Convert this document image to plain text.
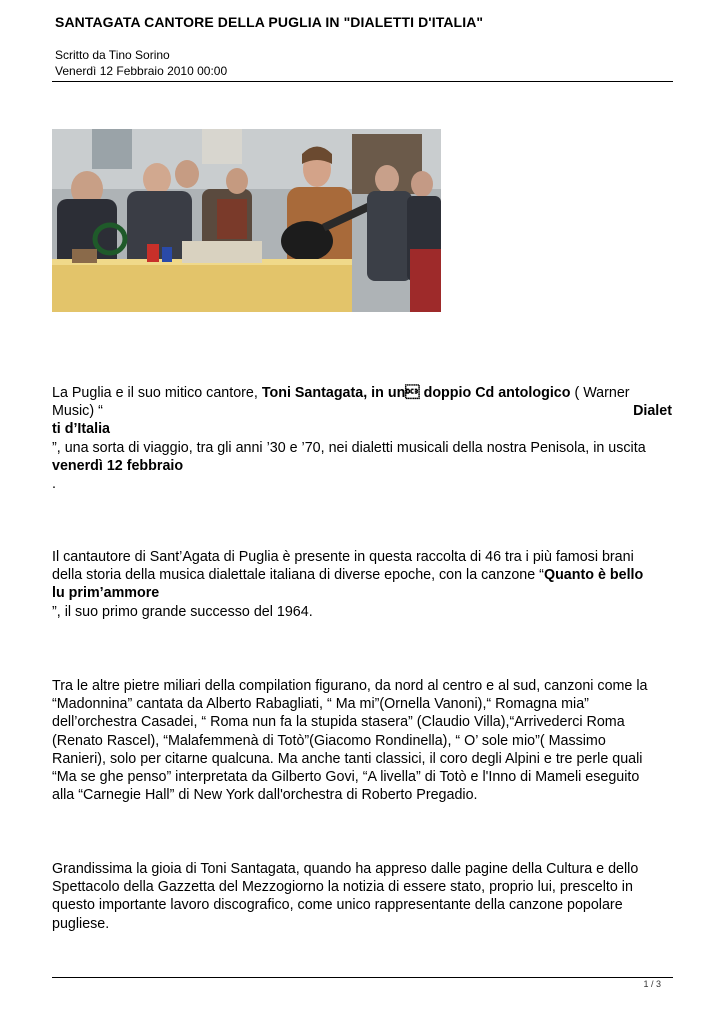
SANTAGATA CANTORE DELLA PUGLIA IN "DIALETTI D'ITALIA"
Scritto da Tino Sorino
Venerdì 12 Febbraio 2010 00:00
La Puglia e il suo mitico cantore, Toni Santagata, in un doppio Cd antologico ( Warner
Music) “	Dialet
ti d’Italia
”, una sorta di viaggio, tra gli anni ’30 e ’70, nei dialetti musicali della nostra Penisola, in uscita
venerdì 12 febbraio
.
Il cantautore di Sant’Agata di Puglia è presente in questa raccolta di 46 tra i più famosi brani
della storia della musica dialettale italiana di diverse epoche, con la canzone “Quanto è bello
lu prim’ammore
”, il suo primo grande successo del 1964.
Tra le altre pietre miliari della compilation figurano, da nord al centro e al sud, canzoni come la
“Madonnina” cantata da Alberto Rabagliati, “ Ma mi”(Ornella Vanoni),“ Romagna mia”
dell’orchestra Casadei, “ Roma nun fa la stupida stasera” (Claudio Villa),“Arrivederci Roma
(Renato Rascel), “Malafemmenà di Totò”(Giacomo Rondinella), “ O’ sole mio”( Massimo
Ranieri), solo per citarne qualcuna. Ma anche tanti classici, il coro degli Alpini e tre perle quali
“Ma se ghe penso” interpretata da Gilberto Govi, “A livella” di Totò e l'Inno di Mameli eseguito
alla “Carnegie Hall” di New York dall'orchestra di Roberto Pregadio.
Grandissima la gioia di Toni Santagata, quando ha appreso dalle pagine della Cultura e dello
Spettacolo della Gazzetta del Mezzogiorno la notizia di essere stato, proprio lui, prescelto in
questo importante lavoro discografico, come unico rappresentante della canzone popolare
pugliese.
1 / 3
